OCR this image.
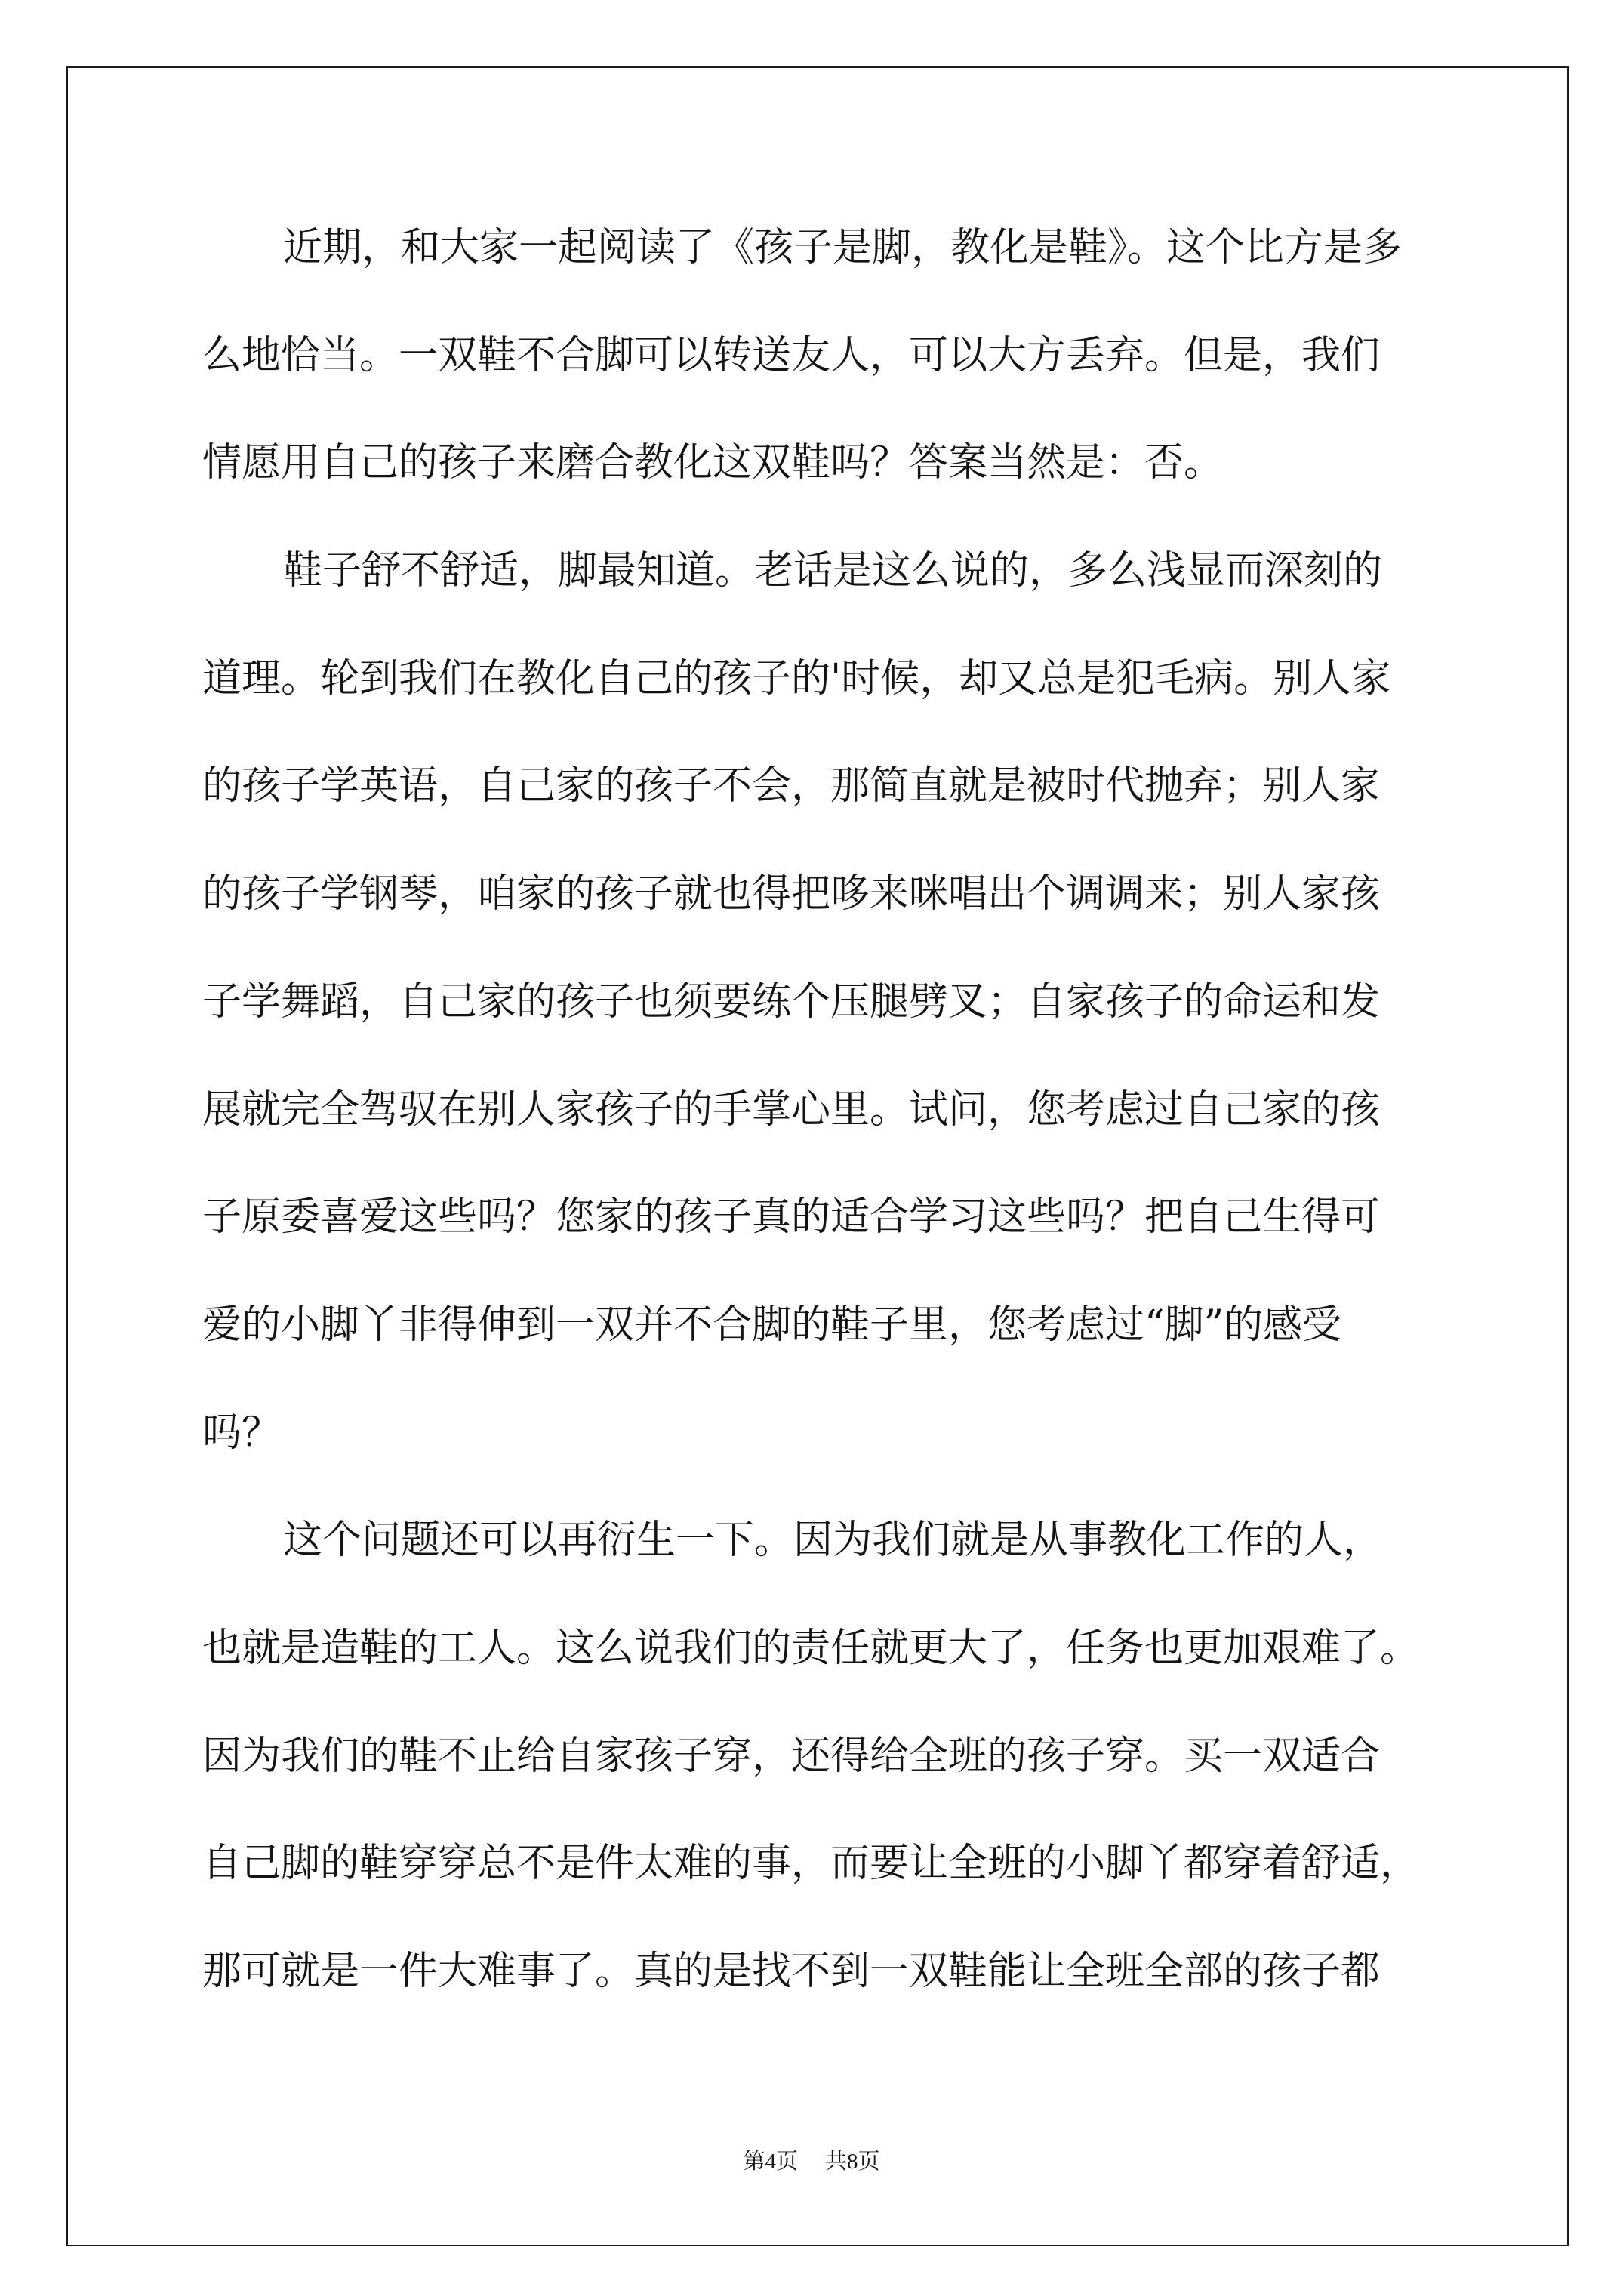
近期，和大家一起阅读了《孩子是脚，教化是鞋》。这个比方是多
么地恰当。一双鞋不合脚可以转送友人，可以大方丢弃。但是，我们
情愿用自己的孩子来磨合教化这双鞋吗？答案当然是：否。
鞋子舒不舒适，脚最知道。老话是这么说的，多么浅显而深刻的
道理。轮到我们在教化自己的孩子的'时候，却又总是犯毛病。别人家
的孩子学英语，自己家的孩子不会，那简直就是被时代抛弃；别人家
的孩子学钢琴，咱家的孩子就也得把哆来咪唱出个调调来；别人家孩
子学舞蹈，自己家的孩子也须要练个压腿劈叉；自家孩子的命运和发
展就完全驾驭在别人家孩子的手掌心里。试问，您考虑过自己家的孩
子原委喜爱这些吗？您家的孩子真的适合学习这些吗？把自己生得可
爱的小脚丫非得伸到一双并不合脚的鞋子里，您考虑过“脚”的感受
吗？
这个问题还可以再衍生一下。因为我们就是从事教化工作的人，
也就是造鞋的工人。这么说我们的责任就更大了，任务也更加艰难了。
因为我们的鞋不止给自家孩子穿，还得给全班的孩子穿。买一双适合
自己脚的鞋穿穿总不是件太难的事，而要让全班的小脚丫都穿着舒适，
那可就是一件大难事了。真的是找不到一双鞋能让全班全部的孩子都
第4页 共8页
